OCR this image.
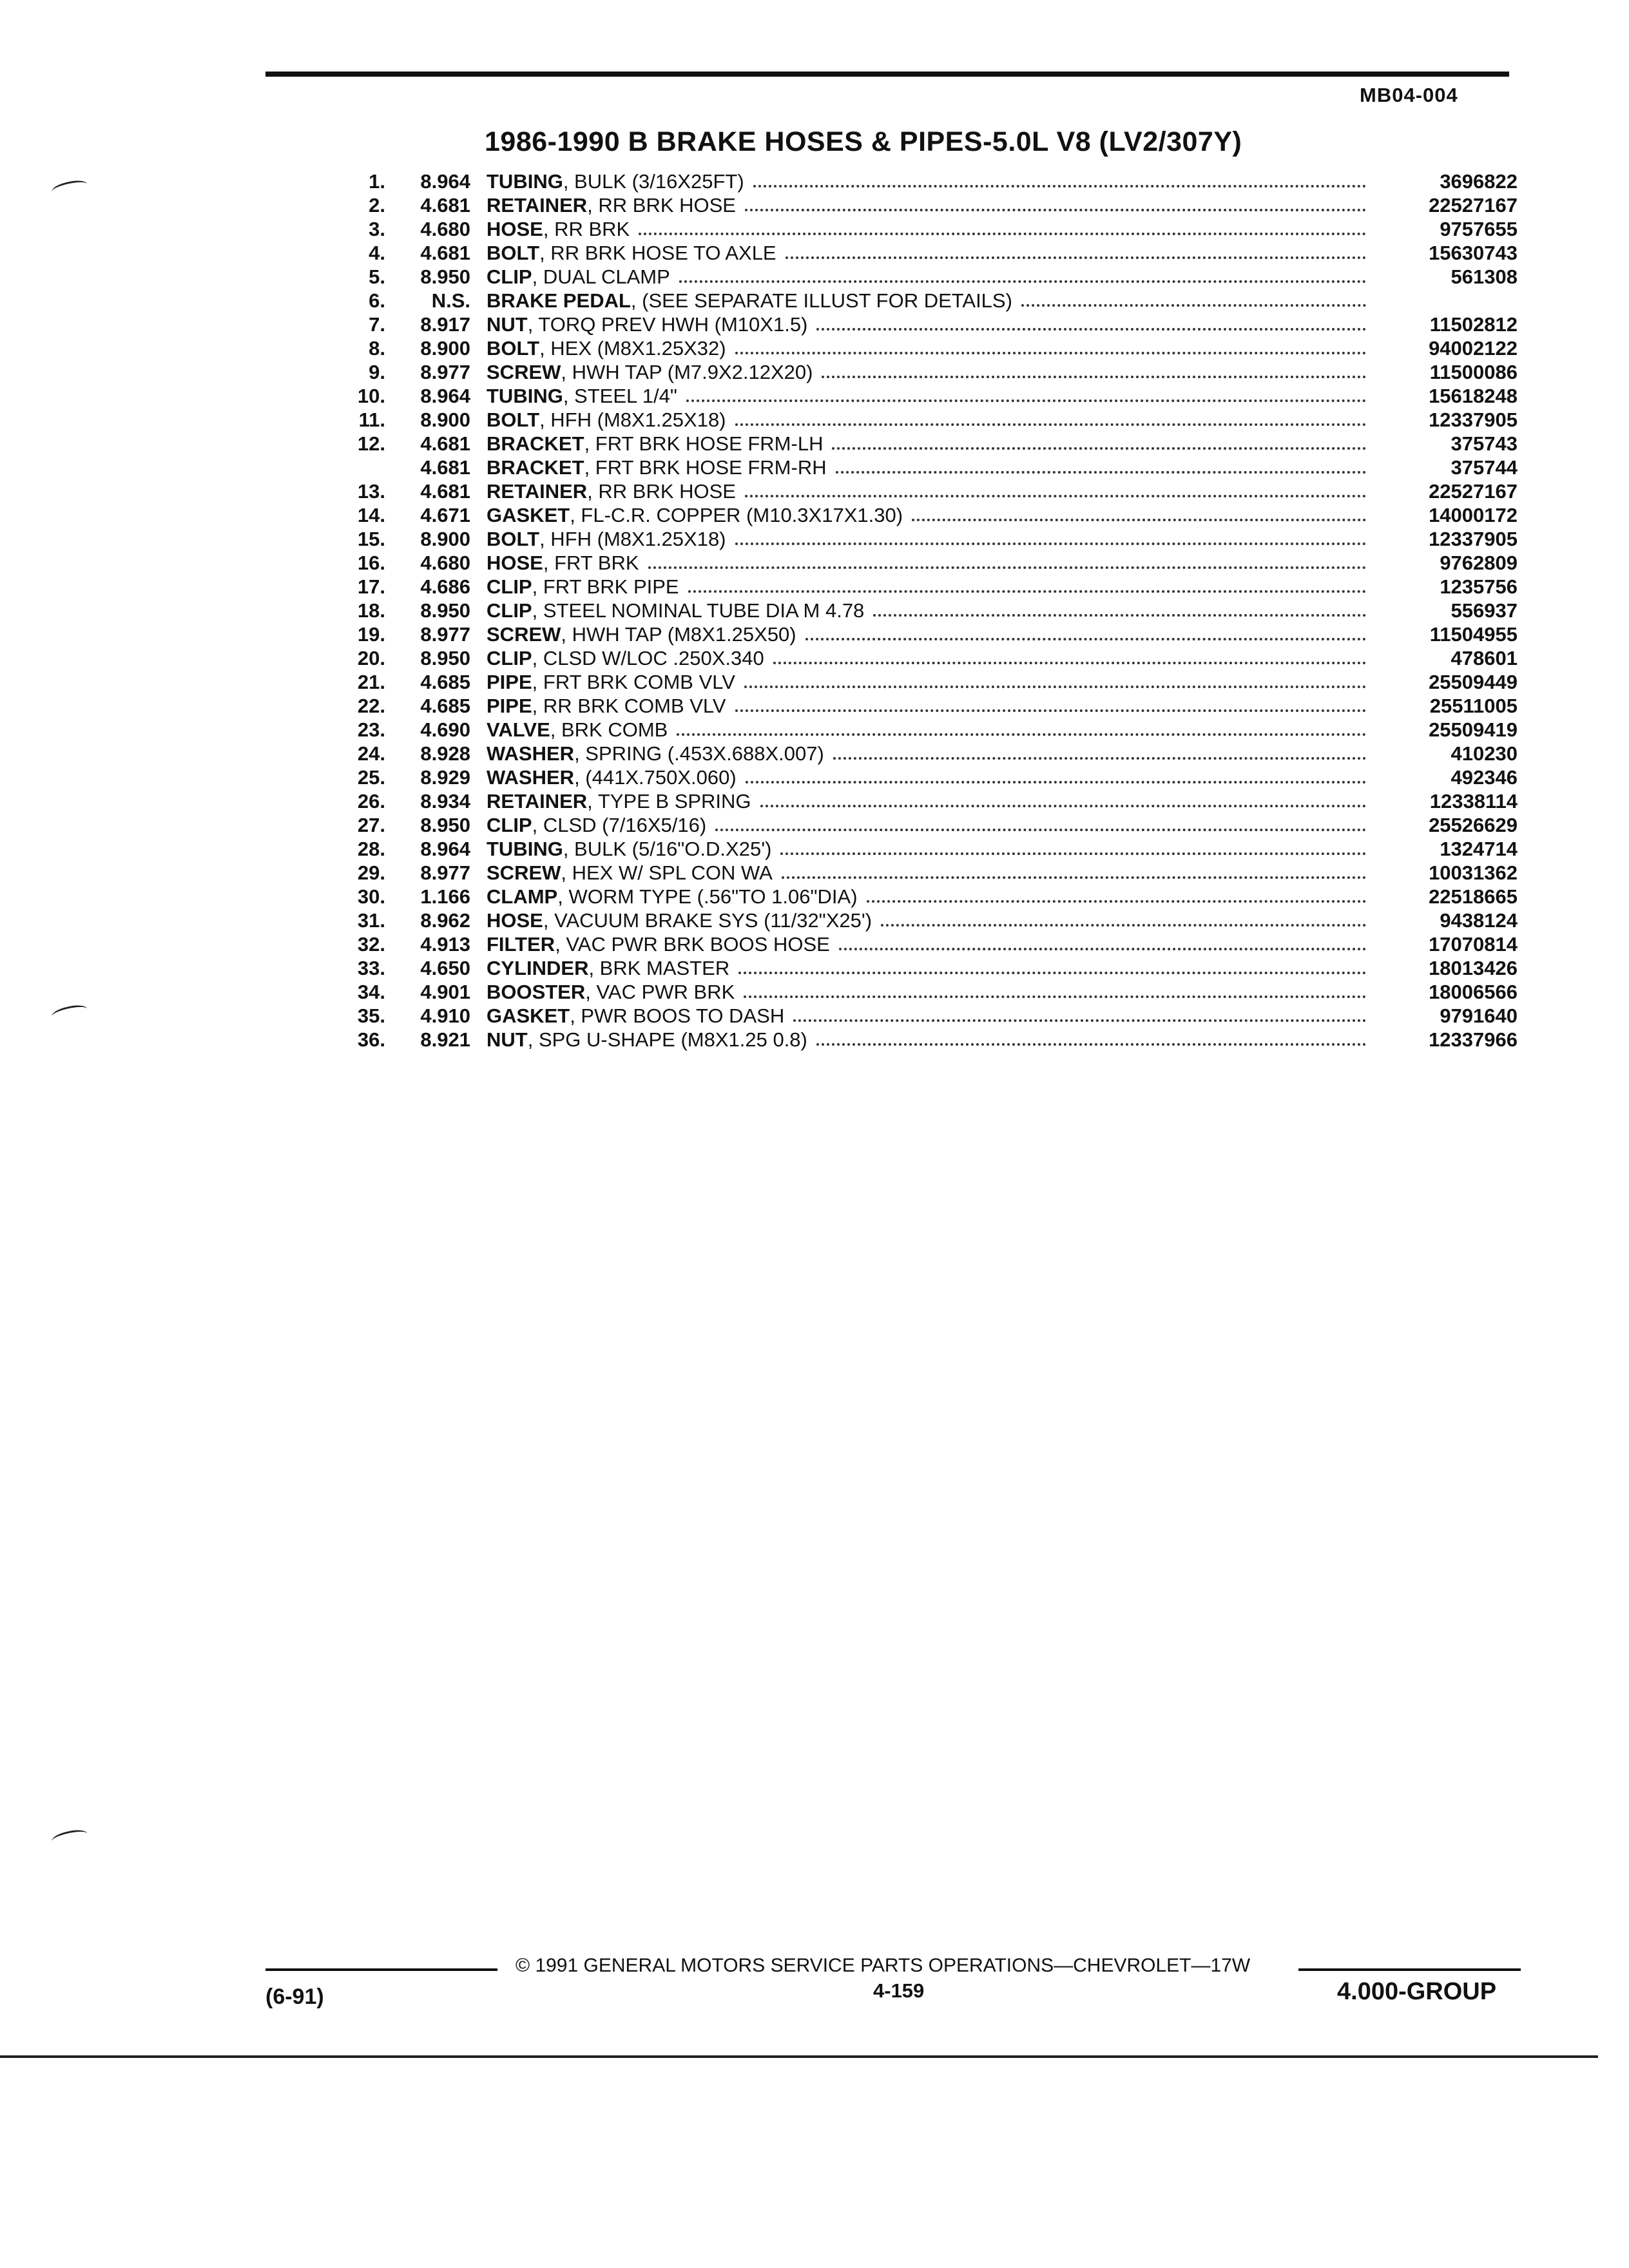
MB04-004
1986-1990 B BRAKE HOSES & PIPES-5.0L V8 (LV2/307Y)
1.	8.964 TUBING , BULK (3/16X25FT)	3696822
2.	4.681 RETAINER , RR BRK HOSE	22527167
3.	4.680 HOSE , RR BRK	9757655
4.	4.681 BOLT , RR BRK HOSE TO AXLE	15630743
5.	8.950 CLIP , DUAL CLAMP	561308
6.	N.S. BRAKE PEDAL , (SEE SEPARATE ILLUST FOR DETAILS)
7.	8.917 NUT , TORQ PREV HWH (M10X1.5)	11502812
8.	8.900 BOLT , HEX (M8X1.25X32)	94002122
9.	8.977 SCREW , HWH TAP (M7.9X2.12X20)	11500086
10.	8.964 TUBING , STEEL 1/4"	15618248
11.	8.900 BOLT , HFH (M8X1.25X18)	12337905
12.	4.681 BRACKET , FRT BRK HOSE FRM-LH	375743
4.681 BRACKET , FRT BRK HOSE FRM-RH	375744
13.	4.681 RETAINER , RR BRK HOSE	22527167
14.	4.671 GASKET , FL-C.R. COPPER (M10.3X17X1.30)	14000172
15.	8.900 BOLT , HFH (M8X1.25X18)	12337905
16.	4.680 HOSE , FRT BRK	9762809
17.	4.686 CLIP , FRT BRK PIPE	1235756
18.	8.950 CLIP , STEEL NOMINAL TUBE DIA M 4.78	556937
19.	8.977 SCREW , HWH TAP (M8X1.25X50)	11504955
20.	8.950 CLIP , CLSD W/LOC .250X.340	478601
21.	4.685 PIPE , FRT BRK COMB VLV	25509449
22.	4.685 PIPE , RR BRK COMB VLV	25511005
23.	4.690 VALVE , BRK COMB	25509419
24.	8.928 WASHER , SPRING (.453X.688X.007)	410230
25.	8.929 WASHER , (441X.750X.060)	492346
26.	8.934 RETAINER , TYPE B SPRING	12338114
27.	8.950 CLIP , CLSD (7/16X5/16)	25526629
28.	8.964 TUBING , BULK (5/16"O.D.X25')	1324714
29.	8.977 SCREW , HEX W/ SPL CON WA	10031362
30.	1.166 CLAMP , WORM TYPE (.56"TO 1.06"DIA)	22518665
31.	8.962 HOSE , VACUUM BRAKE SYS (11/32"X25')	9438124
32.	4.913 FILTER , VAC PWR BRK BOOS HOSE	17070814
33.	4.650 CYLINDER , BRK MASTER	18013426
34.	4.901 BOOSTER , VAC PWR BRK	18006566
35.	4.910 GASKET , PWR BOOS TO DASH	9791640
36.	8.921 NUT , SPG U-SHAPE (M8X1.25 0.8)	12337966
© 1991 GENERAL MOTORS SERVICE PARTS OPERATIONS—CHEVROLET—17W
(6-91)	4-159	4.000-GROUP
